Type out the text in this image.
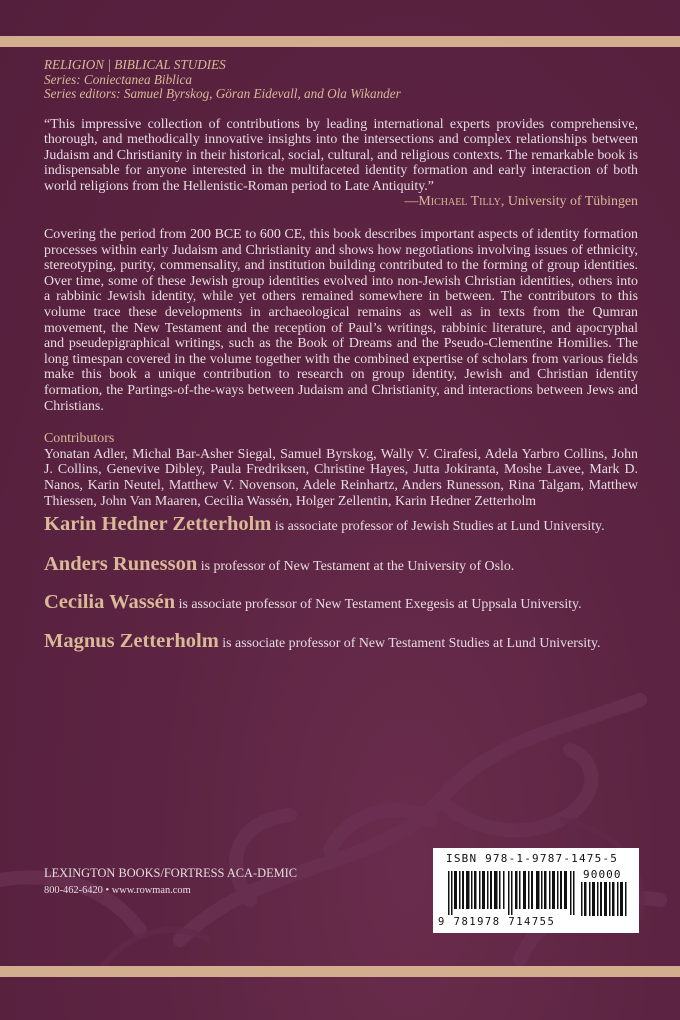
RELIGION | BIBLICAL STUDIES
Series: Coniectanea Biblica
Series editors: Samuel Byrskog, Göran Eidevall, and Ola Wikander
“This impressive collection of contributions by leading international experts provides comprehensive, thorough, and methodically innovative insights into the intersections and complex relationships between Judaism and Christianity in their historical, social, cultural, and religious contexts. The remarkable book is indispensable for anyone interested in the multifaceted identity formation and early interaction of both world religions from the Hellenistic-Roman period to Late Antiquity.”
—Michael Tilly, University of Tübingen
Covering the period from 200 BCE to 600 CE, this book describes important aspects of identity formation processes within early Judaism and Christianity and shows how negotiations involving issues of ethnicity, stereotyping, purity, commensality, and institution building contributed to the forming of group identities. Over time, some of these Jewish group identities evolved into non-Jewish Christian identities, others into a rabbinic Jewish identity, while yet others remained somewhere in between. The contributors to this volume trace these developments in archaeological remains as well as in texts from the Qumran movement, the New Testament and the reception of Paul’s writings, rabbinic literature, and apocryphal and pseudepigraphical writings, such as the Book of Dreams and the Pseudo-Clementine Homilies. The long timespan covered in the volume together with the combined expertise of scholars from various fields make this book a unique contribution to research on group identity, Jewish and Christian identity formation, the Partings-of-the-ways between Judaism and Christianity, and interactions between Jews and Christians.
Contributors
Yonatan Adler, Michal Bar-Asher Siegal, Samuel Byrskog, Wally V. Cirafesi, Adela Yarbro Collins, John J. Collins, Genevive Dibley, Paula Fredriksen, Christine Hayes, Jutta Jokiranta, Moshe Lavee, Mark D. Nanos, Karin Neutel, Matthew V. Novenson, Adele Reinhartz, Anders Runesson, Rina Talgam, Matthew Thiessen, John Van Maaren, Cecilia Wassén, Holger Zellentin, Karin Hedner Zetterholm
Karin Hedner Zetterholm is associate professor of Jewish Studies at Lund University.
Anders Runesson is professor of New Testament at the University of Oslo.
Cecilia Wassén is associate professor of New Testament Exegesis at Uppsala University.
Magnus Zetterholm is associate professor of New Testament Studies at Lund University.
LEXINGTON BOOKS/FORTRESS ACA-DEMIC
800-462-6420 • www.rowman.com
ISBN 978-1-9787-1475-5
90000
9 781978 714755
